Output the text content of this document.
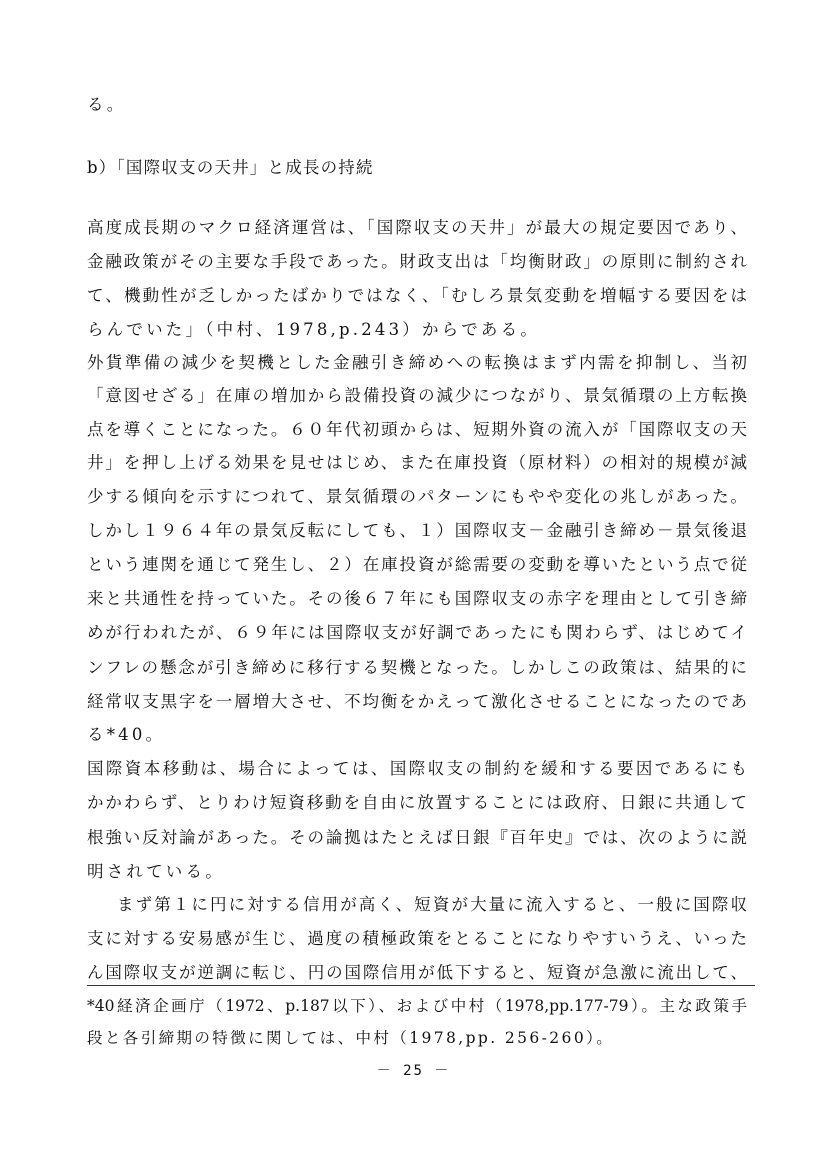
る。
b）「国際収支の天井」と成長の持続
高度成長期のマクロ経済運営は、「国際収支の天井」が最大の規定要因であり、
金融政策がその主要な手段であった。財政支出は「均衡財政」の原則に制約され
て、機動性が乏しかったばかりではなく、「むしろ景気変動を増幅する要因をは
らんでいた」（中村、1978,p.243）からである。
外貨準備の減少を契機とした金融引き締めへの転換はまず内需を抑制し、当初
「意図せざる」在庫の増加から設備投資の減少につながり、景気循環の上方転換
点を導くことになった。６０年代初頭からは、短期外資の流入が「国際収支の天
井」を押し上げる効果を見せはじめ、また在庫投資（原材料）の相対的規模が減
少する傾向を示すにつれて、景気循環のパターンにもやや変化の兆しがあった。
しかし１９６４年の景気反転にしても、１）国際収支－金融引き締め－景気後退
という連関を通じて発生し、２）在庫投資が総需要の変動を導いたという点で従
来と共通性を持っていた。その後６７年にも国際収支の赤字を理由として引き締
めが行われたが、６９年には国際収支が好調であったにも関わらず、はじめてイ
ンフレの懸念が引き締めに移行する契機となった。しかしこの政策は、結果的に
経常収支黒字を一層増大させ、不均衡をかえって激化させることになったのであ
る*40。
国際資本移動は、場合によっては、国際収支の制約を緩和する要因であるにも
かかわらず、とりわけ短資移動を自由に放置することには政府、日銀に共通して
根強い反対論があった。その論拠はたとえば日銀『百年史』では、次のように説
明されている。
まず第１に円に対する信用が高く、短資が大量に流入すると、一般に国際収
支に対する安易感が生じ、過度の積極政策をとることになりやすいうえ、いった
ん国際収支が逆調に転じ、円の国際信用が低下すると、短資が急激に流出して、
*40経済企画庁（1972、p.187以下）、および中村（1978,pp.177-79）。主な政策手
段と各引締期の特徴に関しては、中村（1978,pp. 256-260）。
－ 25 －
